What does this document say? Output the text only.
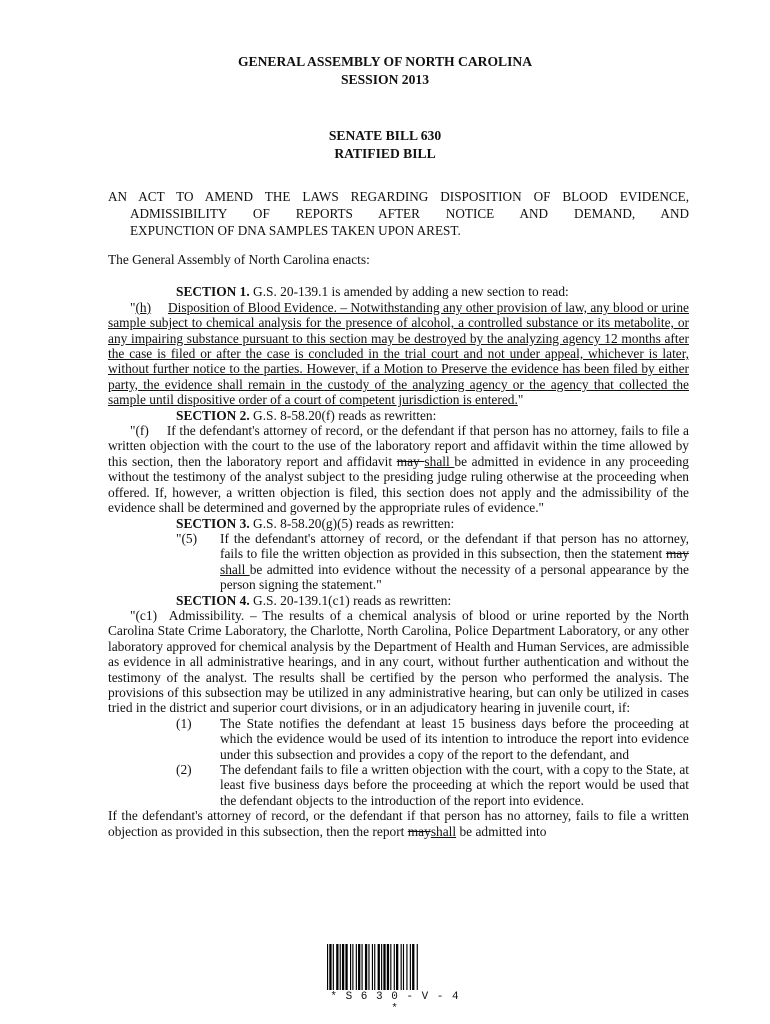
GENERAL ASSEMBLY OF NORTH CAROLINA
SESSION 2013
SENATE BILL 630
RATIFIED BILL
AN ACT TO AMEND THE LAWS REGARDING DISPOSITION OF BLOOD EVIDENCE,
ADMISSIBILITY OF REPORTS AFTER NOTICE AND DEMAND, AND
EXPUNCTION OF DNA SAMPLES TAKEN UPON AREST.

The General Assembly of North Carolina enacts:

SECTION 1. G.S. 20-139.1 is amended by adding a new section to read:

"(h) Disposition of Blood Evidence. – Notwithstanding any other provision of law, any blood or urine sample subject to chemical analysis for the presence of alcohol, a controlled substance or its metabolite, or any impairing substance pursuant to this section may be destroyed by the analyzing agency 12 months after the case is filed or after the case is concluded in the trial court and not under appeal, whichever is later, without further notice to the parties. However, if a Motion to Preserve the evidence has been filed by either party, the evidence shall remain in the custody of the analyzing agency or the agency that collected the sample until dispositive order of a court of competent jurisdiction is entered."

SECTION 2. G.S. 8-58.20(f) reads as rewritten:

"(f) If the defendant's attorney of record, or the defendant if that person has no attorney, fails to file a written objection with the court to the use of the laboratory report and affidavit within the time allowed by this section, then the laboratory report and affidavit may shall be admitted in evidence in any proceeding without the testimony of the analyst subject to the presiding judge ruling otherwise at the proceeding when offered. If, however, a written objection is filed, this section does not apply and the admissibility of the evidence shall be determined and governed by the appropriate rules of evidence."

SECTION 3. G.S. 8-58.20(g)(5) reads as rewritten:

"(5) If the defendant's attorney of record, or the defendant if that person has no attorney, fails to file the written objection as provided in this subsection, then the statement may shall be admitted into evidence without the necessity of a personal appearance by the person signing the statement."

SECTION 4. G.S. 20-139.1(c1) reads as rewritten:

"(c1) Admissibility. – The results of a chemical analysis of blood or urine reported by the North Carolina State Crime Laboratory, the Charlotte, North Carolina, Police Department Laboratory, or any other laboratory approved for chemical analysis by the Department of Health and Human Services, are admissible as evidence in all administrative hearings, and in any court, without further authentication and without the testimony of the analyst. The results shall be certified by the person who performed the analysis. The provisions of this subsection may be utilized in any administrative hearing, but can only be utilized in cases tried in the district and superior court divisions, or in an adjudicatory hearing in juvenile court, if:

(1) The State notifies the defendant at least 15 business days before the proceeding at which the evidence would be used of its intention to introduce the report into evidence under this subsection and provides a copy of the report to the defendant, and

(2) The defendant fails to file a written objection with the court, with a copy to the State, at least five business days before the proceeding at which the report would be used that the defendant objects to the introduction of the report into evidence.

If the defendant's attorney of record, or the defendant if that person has no attorney, fails to file a written objection as provided in this subsection, then the report mayshall be admitted into

* S 6 3 0 - V - 4 *
